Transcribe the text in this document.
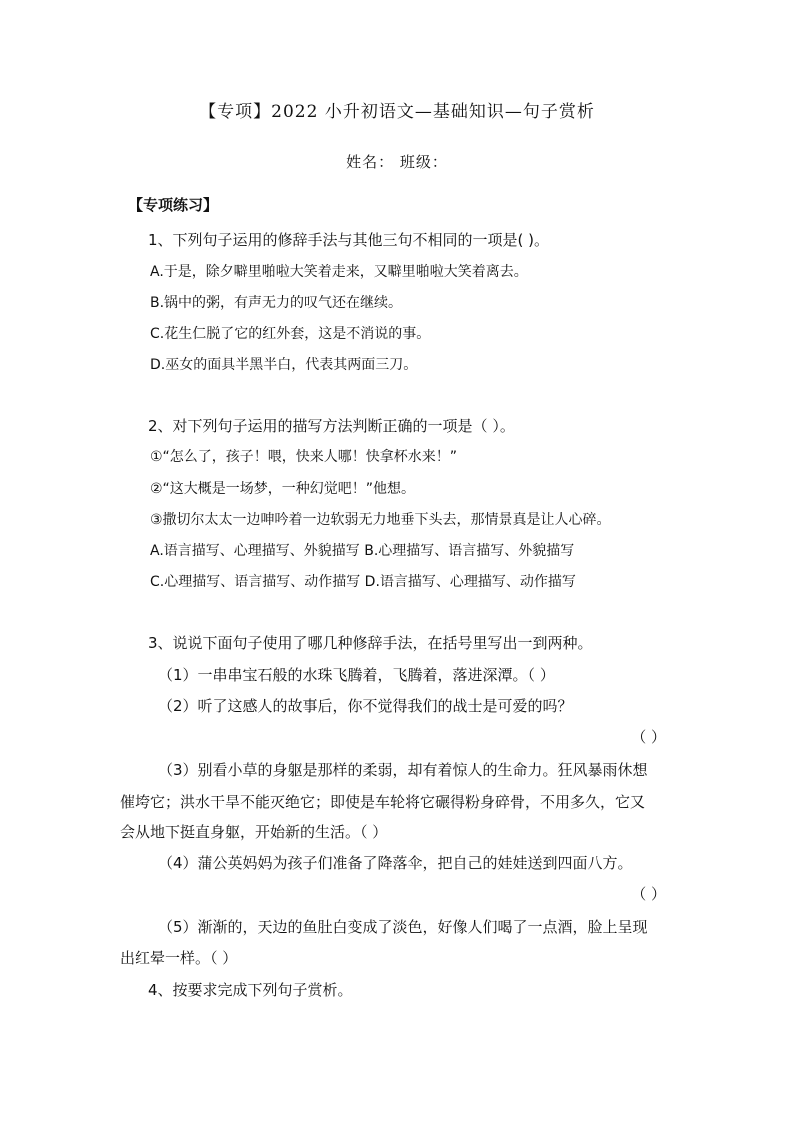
【专项】2022 小升初语文—基础知识—句子赏析
姓名： 班级：
【专项练习】
1、下列句子运用的修辞手法与其他三句不相同的一项是( )。
A.于是，除夕噼里啪啦大笑着走来，又噼里啪啦大笑着离去。
B.锅中的粥，有声无力的叹气还在继续。
C.花生仁脱了它的红外套，这是不消说的事。
D.巫女的面具半黑半白，代表其两面三刀。
2、对下列句子运用的描写方法判断正确的一项是（ ）。
①“怎么了，孩子！喂，快来人哪！快拿杯水来！”
②“这大概是一场梦，一种幻觉吧！”他想。
③撒切尔太太一边呻吟着一边软弱无力地垂下头去，那情景真是让人心碎。
A.语言描写、心理描写、外貌描写 B.心理描写、语言描写、外貌描写
C.心理描写、语言描写、动作描写 D.语言描写、心理描写、动作描写
3、说说下面句子使用了哪几种修辞手法，在括号里写出一到两种。
（1）一串串宝石般的水珠飞腾着，飞腾着，落进深潭。（ ）
（2）听了这感人的故事后，你不觉得我们的战士是可爱的吗？
（ ）
（3）别看小草的身躯是那样的柔弱，却有着惊人的生命力。狂风暴雨休想
催垮它；洪水干旱不能灭绝它；即使是车轮将它碾得粉身碎骨，不用多久，它又
会从地下挺直身躯，开始新的生活。（ ）
（4）蒲公英妈妈为孩子们准备了降落伞，把自己的娃娃送到四面八方。
（ ）
（5）渐渐的，天边的鱼肚白变成了淡色，好像人们喝了一点酒，脸上呈现
出红晕一样。（ ）
4、按要求完成下列句子赏析。
